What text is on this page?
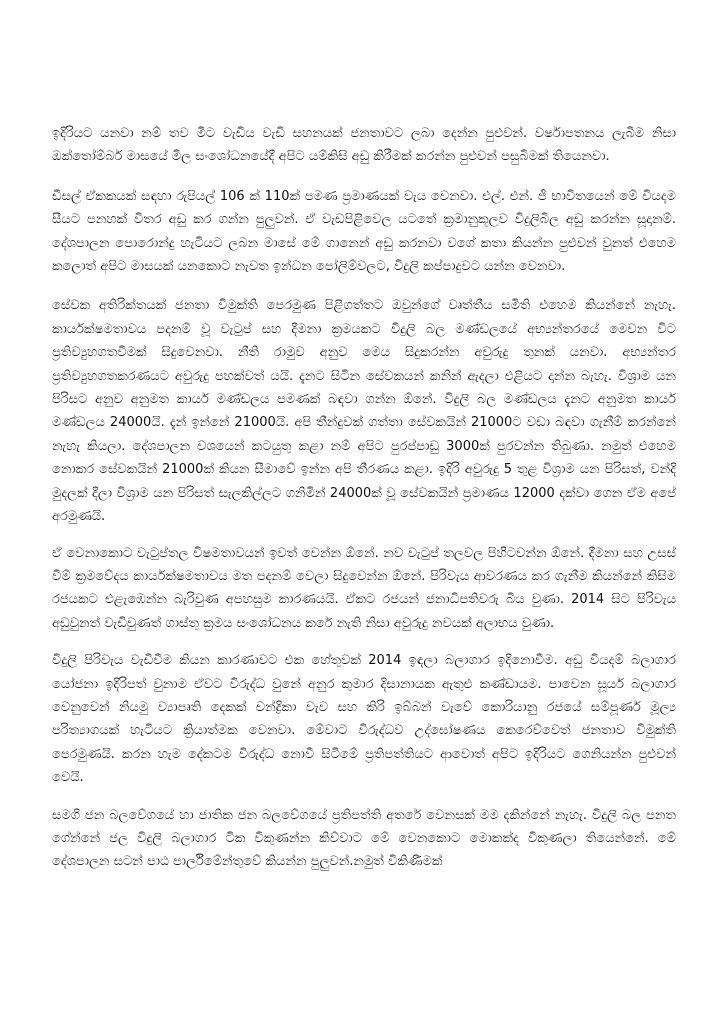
ඉදිරියට යනවා නම් තව මීට වැඩිය වැඩි සහනයක් ජනතාවට ලබා දෙන්න පුළුවන්. වර්ෂාපතනය ලැබීම නිසා ඔක්තෝම්බර් මාසයේ මිල සංශෝධනයේදී අපිට යම්කිසි අඩු කිරීමක් කරන්න පුළුවන් පසුබිමක් තියෙනවා.

ඩීසල් ඒකකයක් සඳහා රුපියල් 106 ක් 110ක් පමණ ප්‍රමාණයක් වැය වෙනවා. එල්. එන්. ජී භාවිතයෙන් මේ වියදම සීයට පනහක් විතර අඩු කර ගන්න පුලුවන්. ඒ වැඩපිළිවෙල යටතේ ක්‍රමානුකූලව විදුලිබිල අඩු කරන්න සූදානම්. දේශපාලන පොරොන්දු හැටියට ලබන මාසේ මේ ගානෙන් අඩු කරනවා වගේ කතා කියන්න පුළුවන් වුනත් එහෙම කලොත් අපිට මාසයක් යනකොට නැවත ඉන්ධන පෝලිම්වලට, විදුලි කප්පාදුවට යන්න වෙනවා.

සේවක අතිරික්තයක් ජනතා විමුක්ති පෙරමුණ පිළිගත්තට ඔවුන්ගේ වෘත්තීය සමිති එහෙම කියන්නේ නැහැ. කාර්යක්ෂමතාවය පදනම් වූ වැටුප් සහ දීමනා ක්‍රමයකට විදුලි බල මණ්ඩලයේ අභ්‍යන්තරයේ මෙවන විට ප්‍රතිව්‍යුහගතවීමක් සිදුවෙනවා. නීති රාමුව අනුව මෙය සිදුකරන්න අවුරුදු තුනක් යනවා. අභ්‍යන්තර ප්‍රතිව්‍යුහගතකරණයට අවුරුදු පහක්වත් යයි. දැනට සිටින සේවකයන් කනින් ඇදලා එළියට දාන්න බැහැ. විශ්‍රාම යන පිරිසට අනුව අනුමත කාර්ය මණ්ඩලය පමණක් බඳවා ගන්න ඕනේ. විදුලි බල මණ්ඩලය දැනට අනුමත කාර්ය මණ්ඩලය 24000යි. දැන් ඉන්නේ 21000යි. අපි තීන්දුවක් ගත්තා සේවකයින් 21000ට වඩා බඳවා ගැනීම් කරන්නේ නැහැ කියලා. දේශපාලන වශයෙන් කටයුතු කළා නම් අපිට පුරප්පාඩු 3000ක් පුරවන්න තිබුණා. නමුත් එහෙම නොකර සේවකයින් 21000ක් කියන සීමාවේ ඉන්න අපි තීරණය කළා. ඉදිරි අවුරුදු 5 තුළ විශ්‍රාම යන පිරිසත්, වන්දි මුදලක් දීලා විශ්‍රාම යන පිරිසත් සැලකිල්ලට ගනිමින් 24000ක් වූ සේවකයින් ප්‍රමාණය 12000 දක්වා ගෙන ඒම අපේ අරමුණයි.

ඒ වෙනාකොට වැටුප්තල විෂමතාවයන් ඉවත් වෙන්න ඕනේ. නව වැටුප් තලවල පිහිටවන්න ඕනේ. දීමනා සහ උසස් වීම් ක්‍රමවේදය කාර්යක්ෂමතාවය මත පදනම් වෙලා සිදුවෙන්න ඕනේ. පිරිවැය ආවරණය කර ගැනීම කියන්නේ කිසිම රජයකට එළැඹෙන්න බැරිවුණ අපහසුම කාරණයයි. ඒකට රජයන් ජනාධිපතිවරු බිය වුණා. 2014 සිට පිරිවැය අඩුවුනත් වැඩිවුණත් ගාස්තු ක්‍රමය සංශෝධනය කරේ නැති නිසා අවුරුදු නවයක් අලාභය වුණා.

විදුලි පිරිවැය වැඩිවීම කියන කාරණාවට එක හේතුවක් 2014 ඉඳලා බලාගාර ඉදිනොවීම. අඩු වියදම් බලාගාර යෝජනා ඉදිරිපත් වුනාම ඒවට විරුද්ධ වුනේ අනුර කුමාර දිසානායක ඇතුළු කණ්ඩායම. පාවෙන සූර්ය බලාගාර වෙනුවෙන් නියමු ව්‍යාපෘති දෙකක් චන්ද්‍රිකා වැව සහ කිරි ඉබ්බන් වැවේ කොරියානු රජයේ සම්පූර්ණ මූල්‍ය පරිත්‍යාගයක් හැටියට ක්‍රියාත්මක වෙනවා. මේවාට විරුද්ධව උද්ඝෝෂණය කෙරෙව්වෙත් ජනතාව විමුක්ති පෙරමුණයි. කරන හැම දේකටම විරුද්ධ නොවී සිටීමේ ප්‍රතිපත්තියට ආවොත් අපිට ඉදිරියට ගෙනියන්න පුළුවන් වෙයි.

සමගි ජන බලවේගයේ හා ජාතික ජන බලවේගයේ ප්‍රතිපත්ති අතරේ වෙනසක් මම දකින්නේ නැහැ. විදුලි බල පනත ගේන්නේ ජල විදුලි බලාගාර ටික විකුණන්න කිව්වාට මේ වෙනකොට මොකක්ද විකුණලා තියෙන්නේ. මේ දේශපාලන සටන් පාඨ පාර්ලිමේන්තුවේ කියන්න පුලුවන්.නමුත් විකිණීමක්
